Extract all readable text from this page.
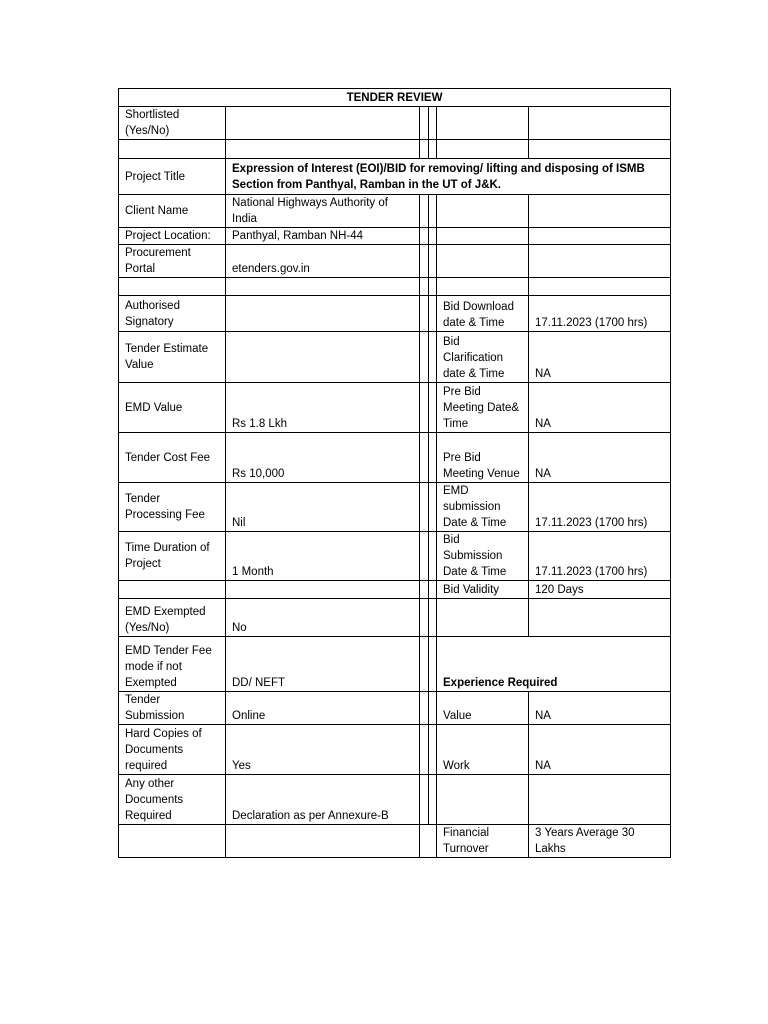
TENDER REVIEW					
Shortlisted (Yes/No)					

Project Title	Expression of Interest (EOI)/BID for removing/ lifting and disposing of ISMB Section from Panthyal, Ramban in the UT of J&K.				
Client Name	National Highways Authority of India				
Project Location:	Panthyal, Ramban NH-44				
Procurement Portal	etenders.gov.in				

Authorised Signatory				Bid Download date & Time	17.11.2023 (1700 hrs)
Tender Estimate Value				Bid Clarification date & Time	NA
EMD Value	Rs 1.8 Lkh			Pre Bid Meeting Date& Time	NA
Tender Cost Fee	Rs 10,000			Pre Bid Meeting Venue	NA
Tender Processing Fee	Nil			EMD submission Date & Time	17.11.2023 (1700 hrs)
Time Duration of Project	1 Month			Bid Submission Date & Time	17.11.2023 (1700 hrs)
				Bid Validity	120 Days
EMD Exempted (Yes/No)	No				
EMD Tender Fee mode if not Exempted	DD/ NEFT			Experience Required	
Tender Submission	Online			Value	NA
Hard Copies of Documents required	Yes			Work	NA
Any other Documents Required	Declaration as per Annexure-B				
				Financial Turnover	3 Years Average 30 Lakhs
